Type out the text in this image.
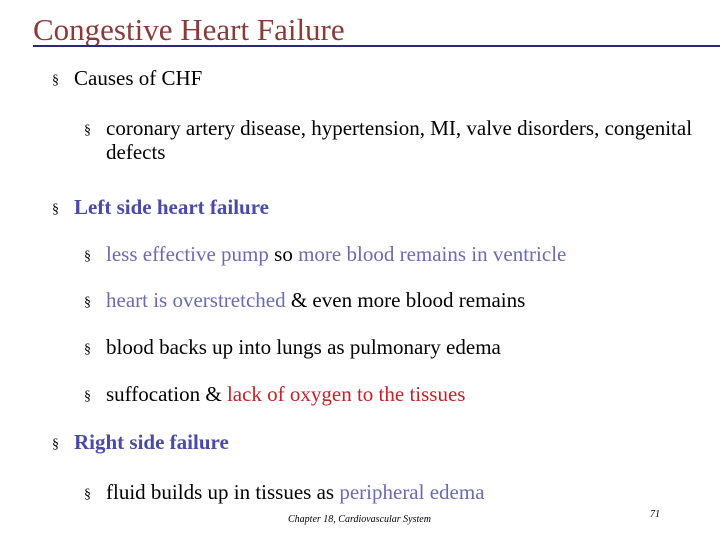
Congestive Heart Failure
§ Causes of CHF
§ coronary artery disease, hypertension, MI, valve disorders, congenital defects
§ Left side heart failure
§ less effective pump so more blood remains in ventricle
§ heart is overstretched & even more blood remains
§ blood backs up into lungs as pulmonary edema
§ suffocation & lack of oxygen to the tissues
§ Right side failure
§ fluid builds up in tissues as peripheral edema
Chapter 18, Cardiovascular System	71
